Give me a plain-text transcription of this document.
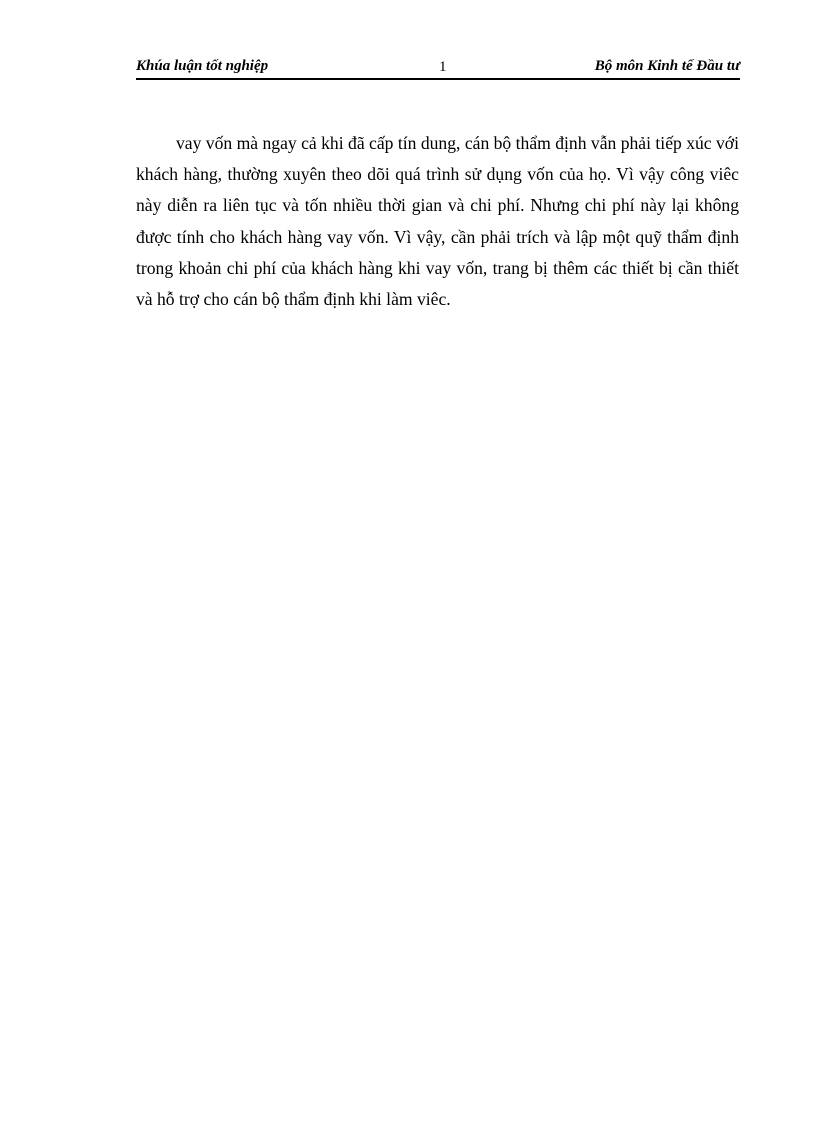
Khúa luận tốt nghiệp	1	Bộ môn Kinh tế Đầu tư

vay vốn mà ngay cả khi đã cấp tín dung, cán bộ thẩm định vẫn phải tiếp xúc với khách hàng, thường xuyên theo dõi quá trình sử dụng vốn của họ. Vì vậy công viêc này diễn ra liên tục và tốn nhiều thời gian và chi phí. Nhưng chi phí này lại không được tính cho khách hàng vay vốn. Vì vậy, cần phải trích và lập một quỹ thẩm định trong khoản chi phí của khách hàng khi vay vốn, trang bị thêm các thiết bị cần thiết và hỗ trợ cho cán bộ thẩm định khi làm viêc.
